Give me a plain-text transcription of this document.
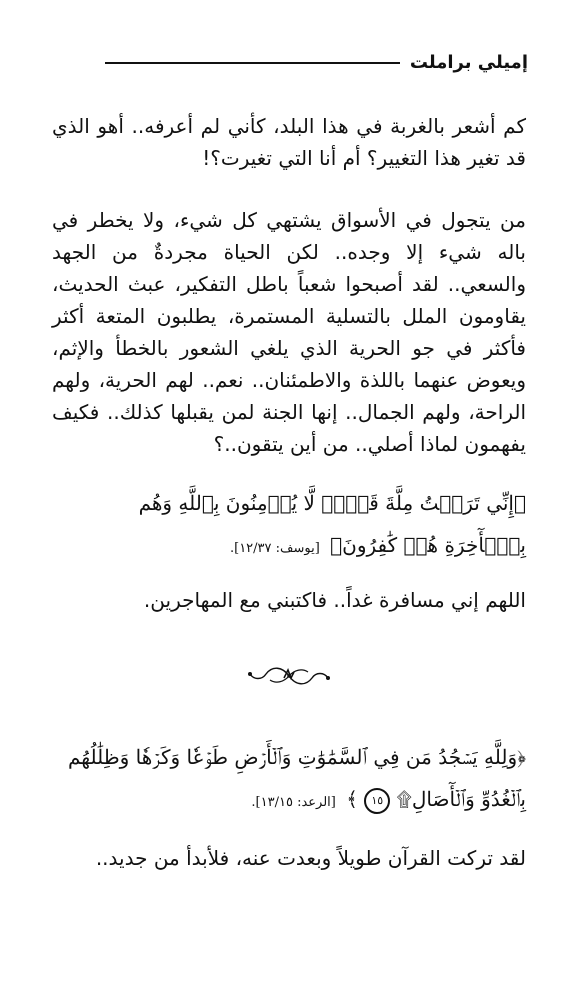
إميلي براملت

كم أشعر بالغربة في هذا البلد، كأني لم أعرفه.. أهو الذي قد تغير هذا التغيير؟ أم أنا التي تغيرت؟!

من يتجول في الأسواق يشتهي كل شيء، ولا يخطر في باله شيء إلا وجده.. لكن الحياة مجردةٌ من الجهد والسعي.. لقد أصبحوا شعباً باطل التفكير، عبث الحديث، يقاومون الملل بالتسلية المستمرة، يطلبون المتعة أكثر فأكثر في جو الحرية الذي يلغي الشعور بالخطأ والإثم، ويعوض عنهما باللذة والاطمئنان.. نعم.. لهم الحرية، ولهم الراحة، ولهم الجمال.. إنها الجنة لمن يقبلها كذلك.. فكيف يفهمون لماذا أصلي.. من أين يتقون..؟

﴿إِنِّي تَرَكۡتُ مِلَّةَ قَوۡمٖ لَّا يُؤۡمِنُونَ بِٱللَّهِ وَهُم بِٱلۡأٓخِرَةِ هُمۡ كَٰفِرُونَ﴾ [يوسف: ١٢/٣٧].

اللهم إني مسافرة غداً.. فاكتبني مع المهاجرين.

﴿وَلِلَّهِ يَسۡجُدُ مَن فِي ٱلسَّمَٰوَٰتِ وَٱلۡأَرۡضِ طَوۡعٗا وَكَرۡهٗا وَظِلَٰلُهُم بِٱلۡغُدُوِّ وَٱلۡأٓصَالِ۩ ١٥ ﴾ [الرعد: ١٣/١٥].

لقد تركت القرآن طويلاً وبعدت عنه، فلأبدأ من جديد..
